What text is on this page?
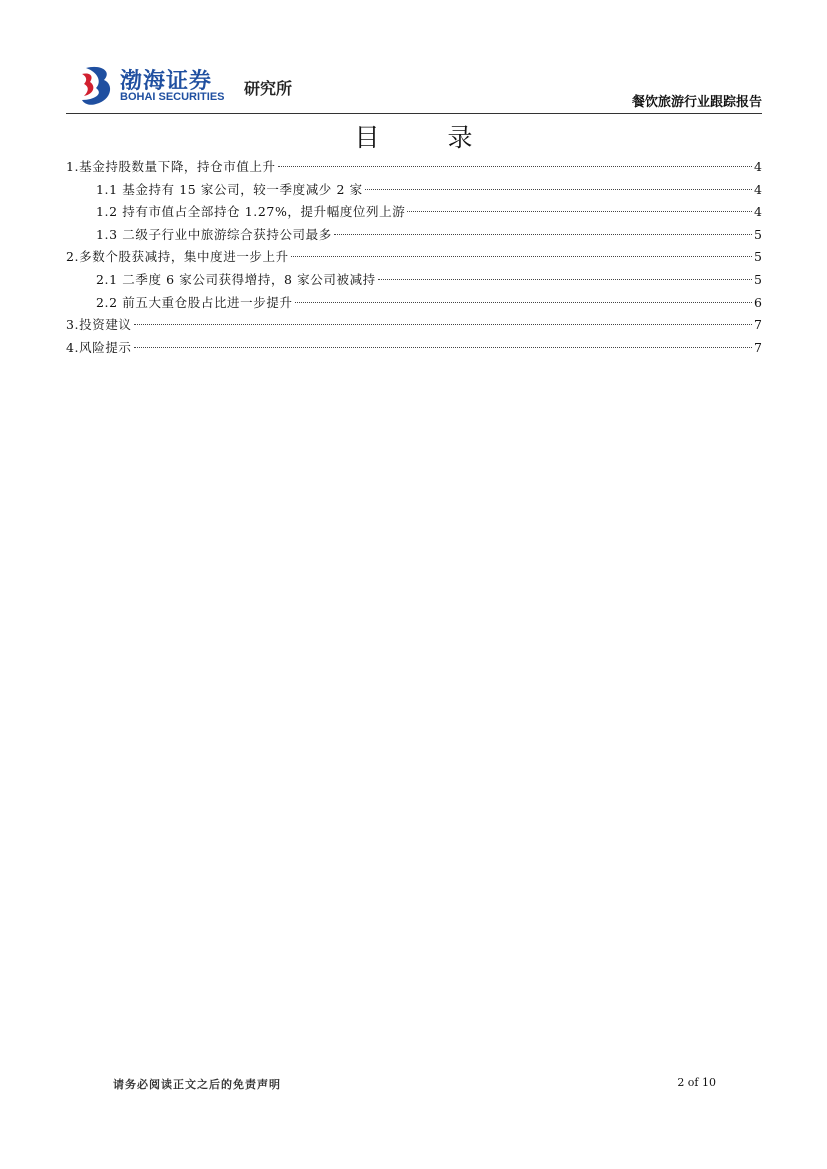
渤海证券
BOHAI SECURITIES 研究所
餐饮旅游行业跟踪报告
目 录
1.基金持股数量下降，持仓市值上升	4
1.1 基金持有 15 家公司，较一季度减少 2 家	4
1.2 持有市值占全部持仓 1.27%，提升幅度位列上游	4
1.3 二级子行业中旅游综合获持公司最多	5
2.多数个股获减持，集中度进一步上升	5
2.1 二季度 6 家公司获得增持，8 家公司被减持	5
2.2 前五大重仓股占比进一步提升	6
3.投资建议	7
4.风险提示	7
请务必阅读正文之后的免责声明	2 of 10
